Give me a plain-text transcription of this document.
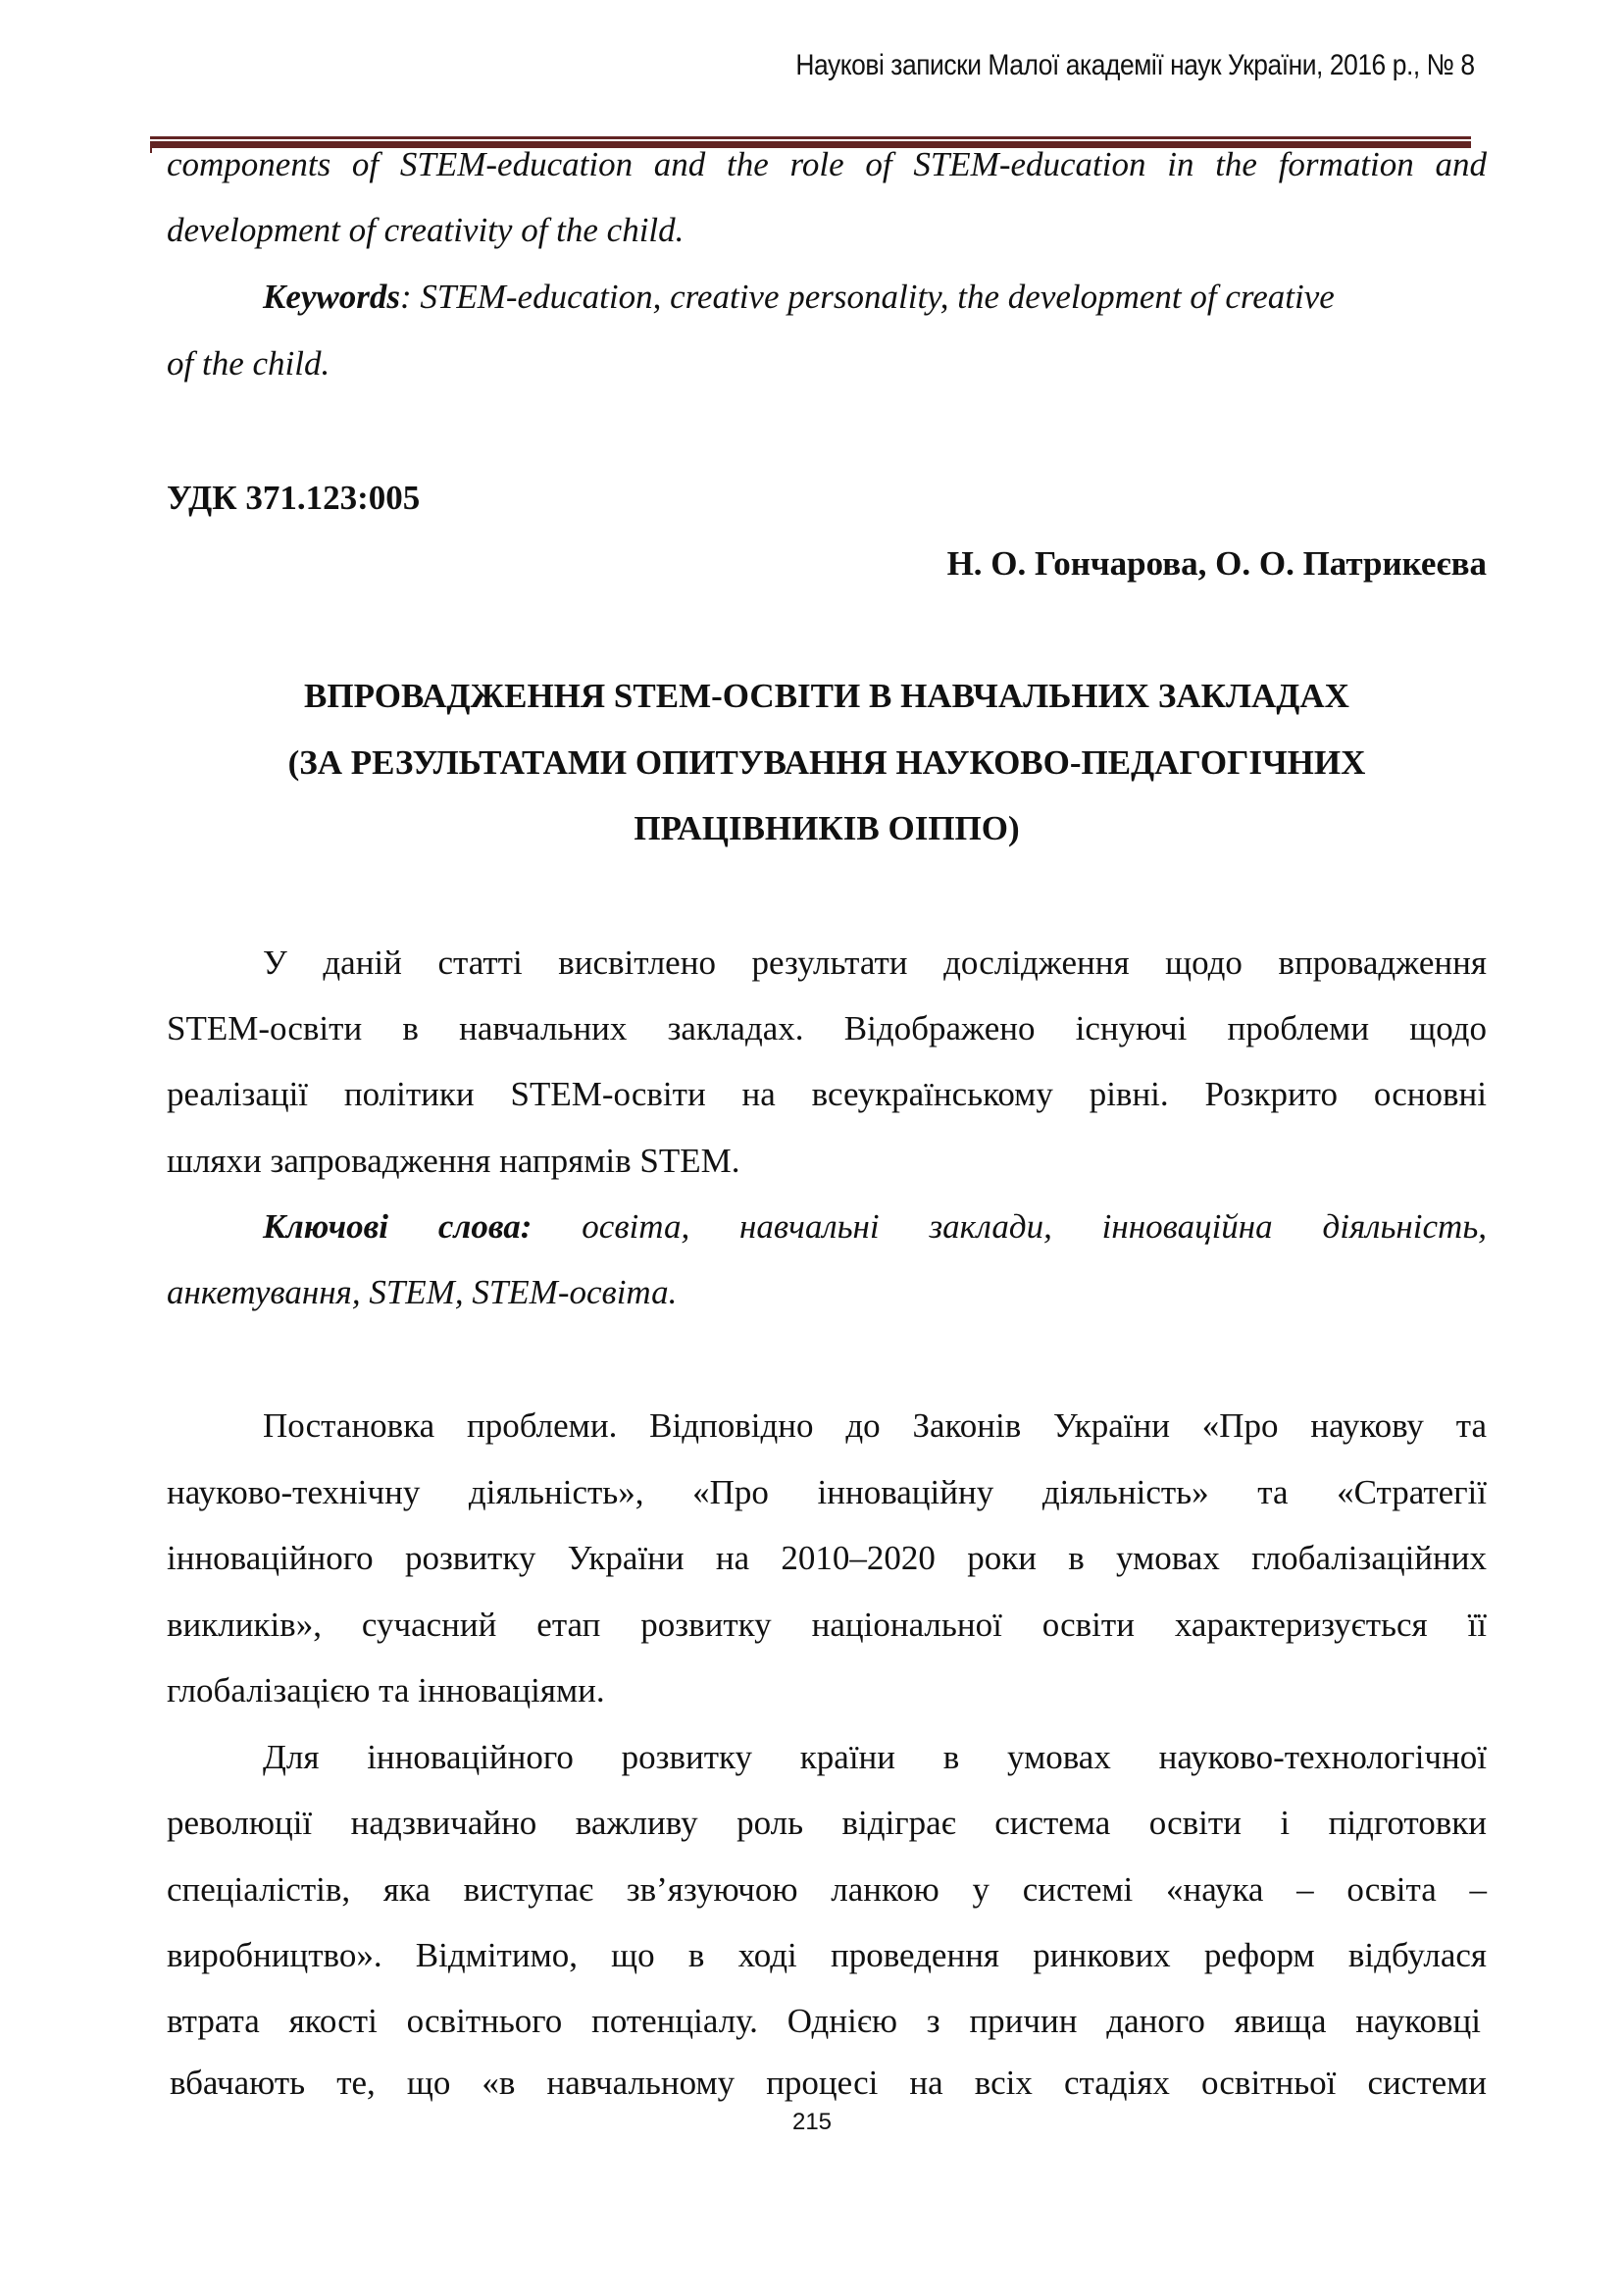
Наукові записки Малої академії наук України, 2016 р., № 8
components of STEM-education and the role of STEM-education in the formation and
development of creativity of the child.
Keywords: STEM-education, creative personality, the development of creative
of the child.
УДК 371.123:005
Н. О. Гончарова, О. О. Патрикеєва
ВПРОВАДЖЕННЯ STEM-ОСВІТИ В НАВЧАЛЬНИХ ЗАКЛАДАХ
(ЗА РЕЗУЛЬТАТАМИ ОПИТУВАННЯ НАУКОВО-ПЕДАГОГІЧНИХ
ПРАЦІВНИКІВ ОІППО)
У даній статті висвітлено результати дослідження щодо впровадження
STEM-освіти в навчальних закладах. Відображено існуючі проблеми щодо
реалізації політики STEM-освіти на всеукраїнському рівні. Розкрито основні
шляхи запровадження напрямів STEM.
Ключові слова: освіта, навчальні заклади, інноваційна діяльність,
анкетування, STEM, STEM-освіта.
Постановка проблеми. Відповідно до Законів України «Про наукову та
науково-технічну діяльність», «Про інноваційну діяльність» та «Стратегії
інноваційного розвитку України на 2010–2020 роки в умовах глобалізаційних
викликів», сучасний етап розвитку національної освіти характеризується її
глобалізацією та інноваціями.
Для інноваційного розвитку країни в умовах науково-технологічної
революції надзвичайно важливу роль відіграє система освіти і підготовки
спеціалістів, яка виступає зв’язуючою ланкою у системі «наука – освіта –
виробництво». Відмітимо, що в ході проведення ринкових реформ відбулася
втрата якості освітнього потенціалу. Однією з причин даного явища науковці
вбачають те, що «в навчальному процесі на всіх стадіях освітньої системи
215
